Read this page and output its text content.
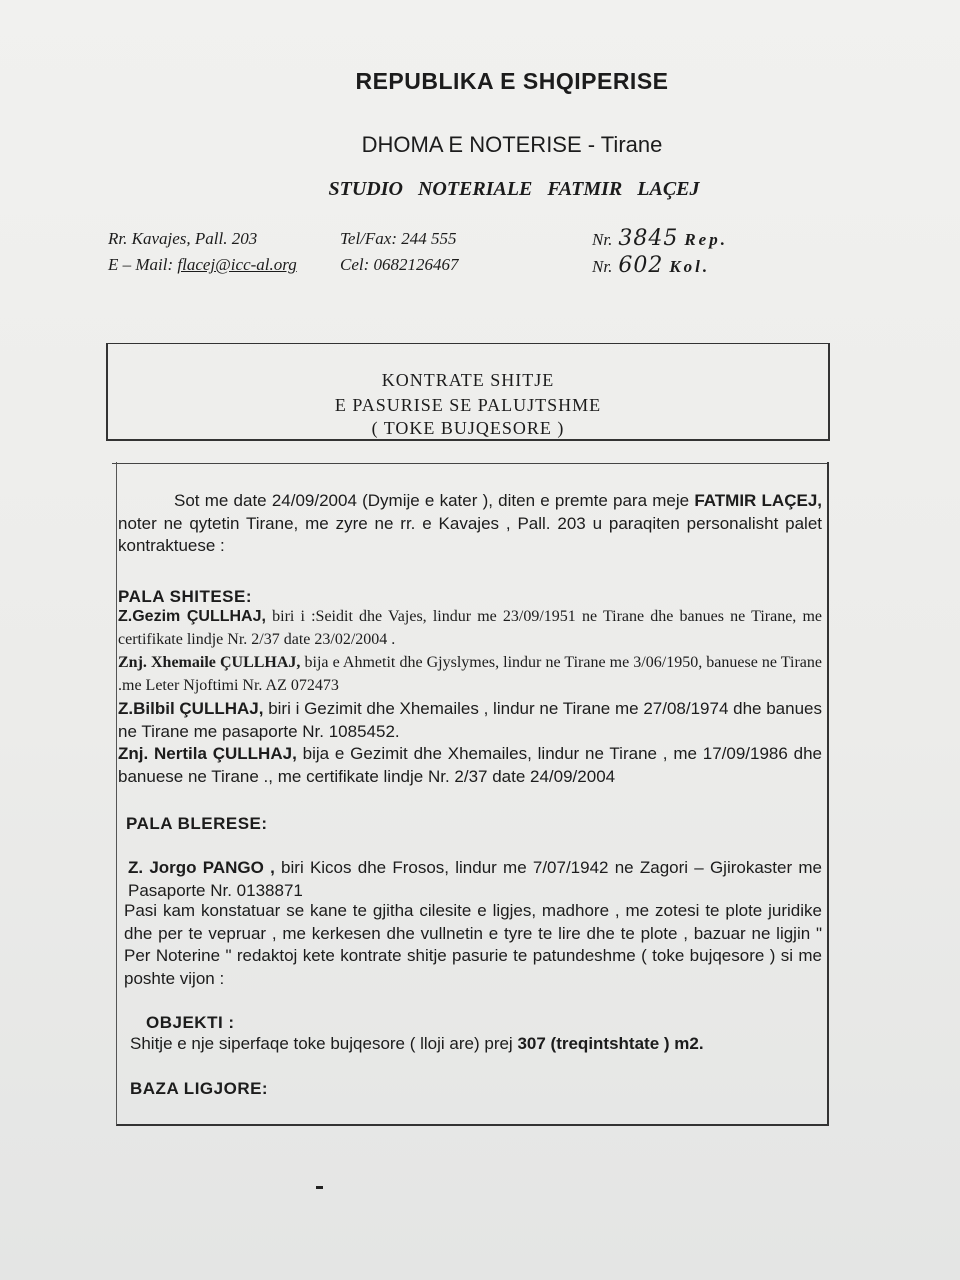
REPUBLIKA E SHQIPERISE
DHOMA E NOTERISE - Tirane
STUDIO NOTERIALE FATMIR LAÇEJ
Rr. Kavajes, Pall. 203
E – Mail: flacej@icc-al.org
Tel/Fax: 244 555
Cel: 0682126467
Nr. 3845 Rep.
Nr. 602 Kol.
KONTRATE SHITJE
E PASURISE SE PALUJTSHME
( TOKE BUJQESORE )
Sot me date 24/09/2004 (Dymije e kater ), diten e premte para meje FATMIR LAÇEJ, noter ne qytetin Tirane, me zyre ne rr. e Kavajes , Pall. 203 u paraqiten personalisht palet kontraktuese :
PALA SHITESE:
Z.Gezim ÇULLHAJ, biri i :Seidit dhe Vajes, lindur me 23/09/1951 ne Tirane dhe banues ne Tirane, me certifikate lindje Nr. 2/37 date 23/02/2004 .
Znj. Xhemaile ÇULLHAJ, bija e Ahmetit dhe Gjyslymes, lindur ne Tirane me 3/06/1950, banuese ne Tirane .me Leter Njoftimi Nr. AZ 072473
Z.Bilbil ÇULLHAJ, biri i Gezimit dhe Xhemailes , lindur ne Tirane me 27/08/1974 dhe banues ne Tirane me pasaporte Nr. 1085452.
Znj. Nertila ÇULLHAJ, bija e Gezimit dhe Xhemailes, lindur ne Tirane , me 17/09/1986 dhe banuese ne Tirane ., me certifikate lindje Nr. 2/37 date 24/09/2004
PALA BLERESE:
Z. Jorgo PANGO , biri Kicos dhe Frosos, lindur me 7/07/1942 ne Zagori – Gjirokaster me Pasaporte Nr. 0138871
Pasi kam konstatuar se kane te gjitha cilesite e ligjes, madhore , me zotesi te plote juridike dhe per te vepruar , me kerkesen dhe vullnetin e tyre te lire dhe te plote , bazuar ne ligjin " Per Noterine " redaktoj kete kontrate shitje pasurie te patundeshme ( toke bujqesore ) si me poshte vijon :
OBJEKTI :
Shitje e nje siperfaqe toke bujqesore ( lloji are) prej 307 (treqintshtate ) m2.
BAZA LIGJORE:
